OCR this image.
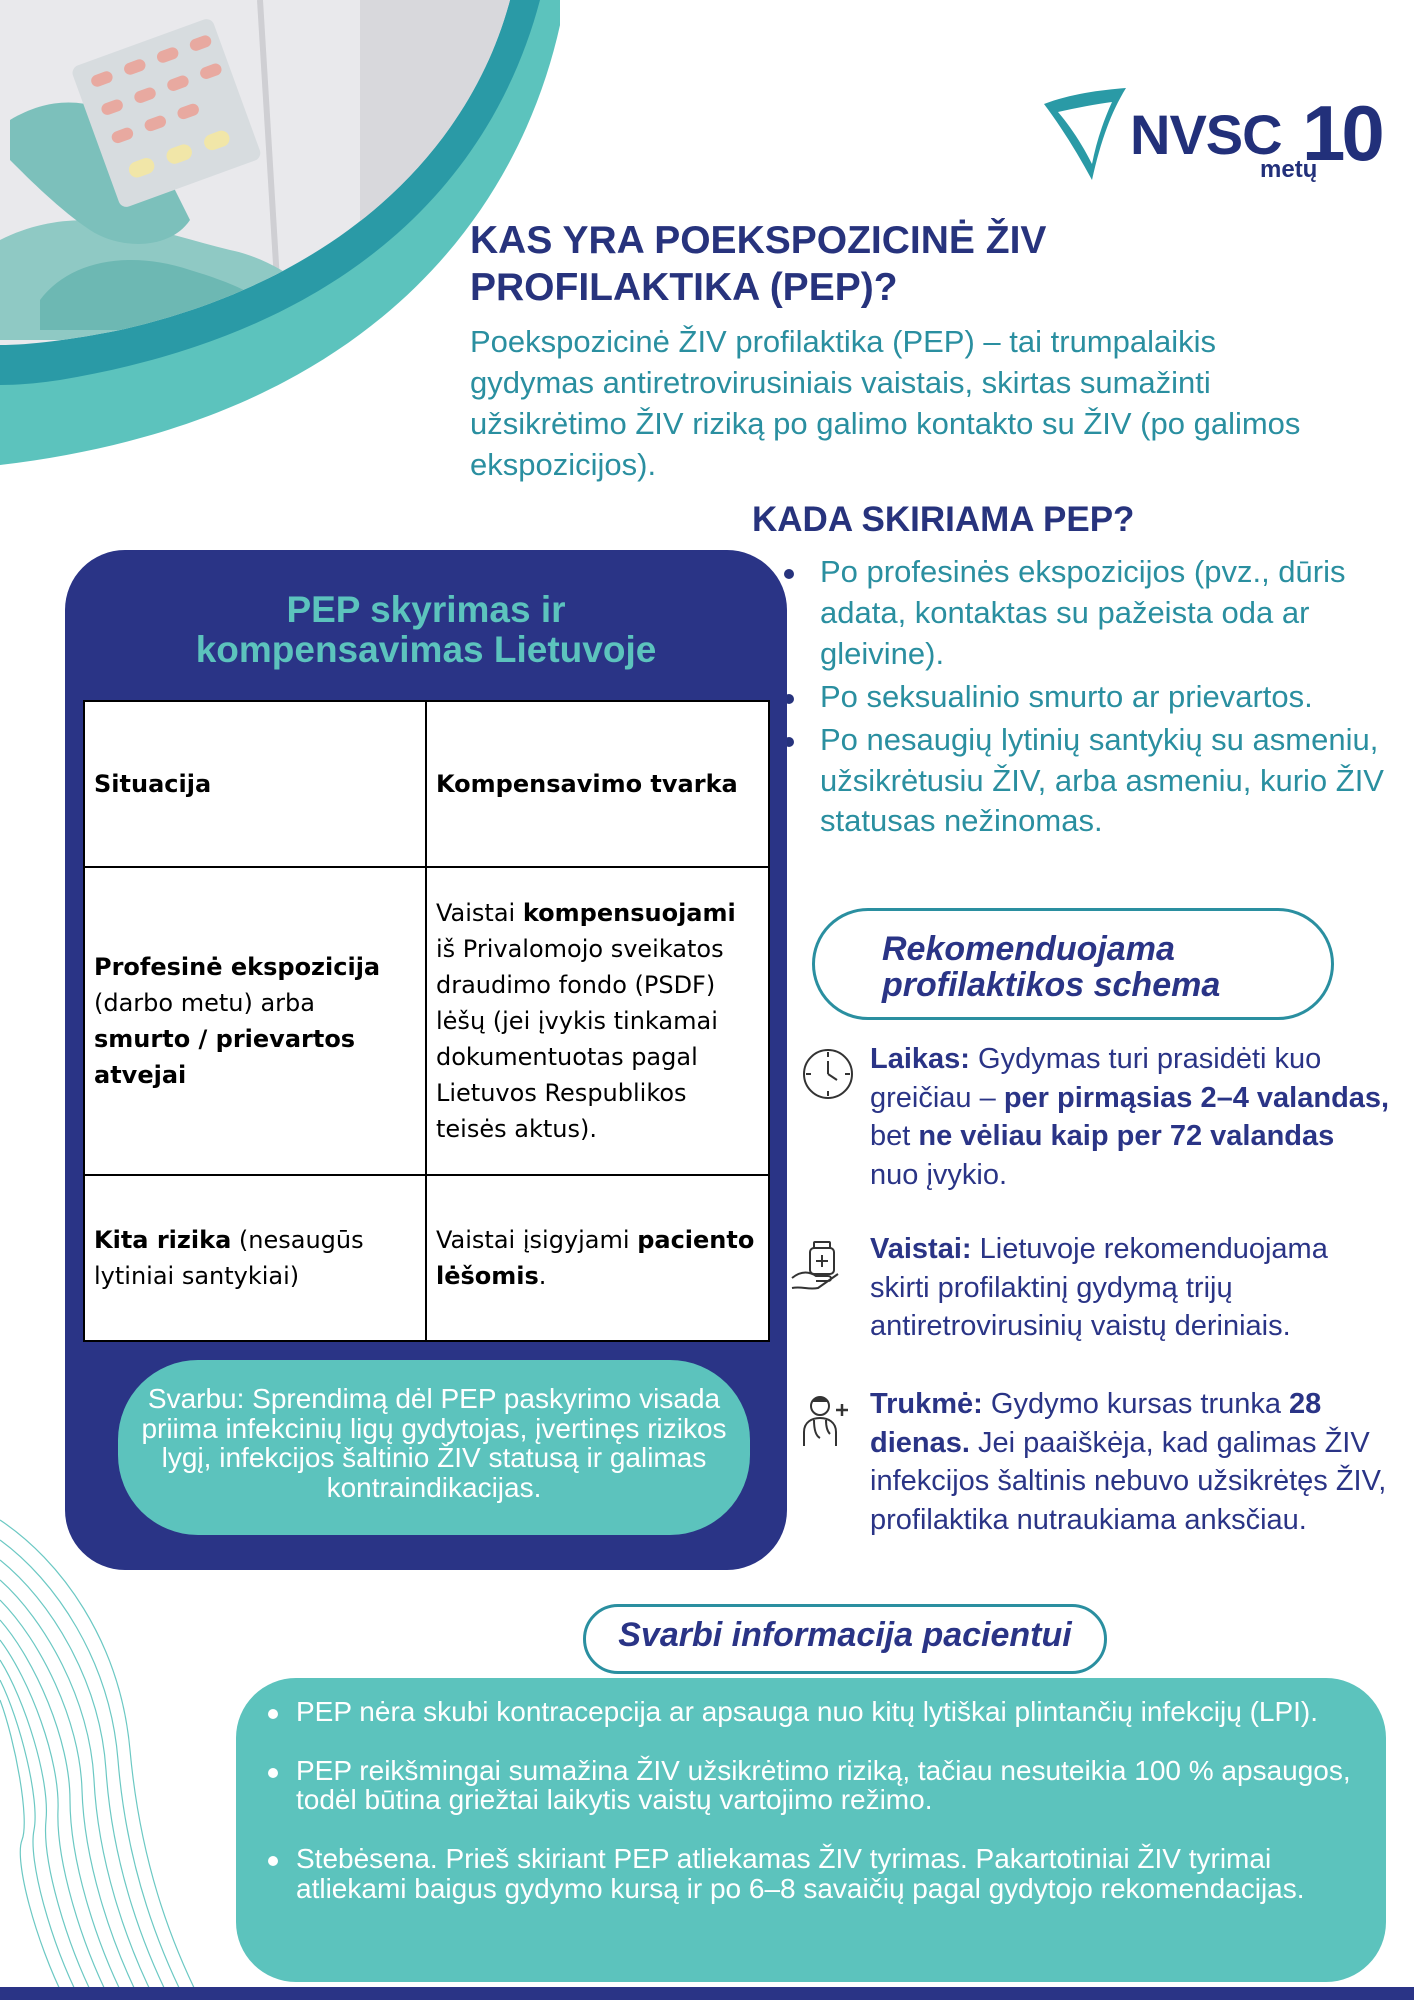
NVSC 10
metų
KAS YRA POEKSPOZICINĖ ŽIV
PROFILAKTIKA (PEP)?

Poekspozicinė ŽIV profilaktika (PEP) – tai trumpalaikis gydymas antiretrovirusiniais vaistais, skirtas sumažinti užsikrėtimo ŽIV riziką po galimo kontakto su ŽIV (po galimos ekspozicijos).

KADA SKIRIAMA PEP?
Po profesinės ekspozicijos (pvz., dūris adata, kontaktas su pažeista oda ar gleivine).
Po seksualinio smurto ar prievartos.
Po nesaugių lytinių santykių su asmeniu, užsikrėtusiu ŽIV, arba asmeniu, kurio ŽIV statusas nežinomas.
PEP skyrimas ir
kompensavimas Lietuvoje
Situacija	Kompensavimo tvarka
Profesinė ekspozicija (darbo metu) arba smurto / prievartos atvejai	Vaistai kompensuojami iš Privalomojo sveikatos draudimo fondo (PSDF) lėšų (jei įvykis tinkamai dokumentuotas pagal Lietuvos Respublikos teisės aktus).
Kita rizika (nesaugūs lytiniai santykiai)	Vaistai įsigyjami paciento lėšomis.

Svarbu: Sprendimą dėl PEP paskyrimo visada priima infekcinių ligų gydytojas, įvertinęs rizikos lygį, infekcijos šaltinio ŽIV statusą ir galimas kontraindikacijas.

Rekomenduojama
profilaktikos schema

Laikas: Gydymas turi prasidėti kuo greičiau – per pirmąsias 2–4 valandas, bet ne vėliau kaip per 72 valandas nuo įvykio.

Vaistai: Lietuvoje rekomenduojama skirti profilaktinį gydymą trijų antiretrovirusinių vaistų deriniais.

Trukmė: Gydymo kursas trunka 28 dienas. Jei paaiškėja, kad galimas ŽIV infekcijos šaltinis nebuvo užsikrėtęs ŽIV, profilaktika nutraukiama anksčiau.

Svarbi informacija pacientui
PEP nėra skubi kontracepcija ar apsauga nuo kitų lytiškai plintančių infekcijų (LPI).
PEP reikšmingai sumažina ŽIV užsikrėtimo riziką, tačiau nesuteikia 100 % apsaugos, todėl būtina griežtai laikytis vaistų vartojimo režimo.
Stebėsena. Prieš skiriant PEP atliekamas ŽIV tyrimas. Pakartotiniai ŽIV tyrimai atliekami baigus gydymo kursą ir po 6–8 savaičių pagal gydytojo rekomendacijas.
